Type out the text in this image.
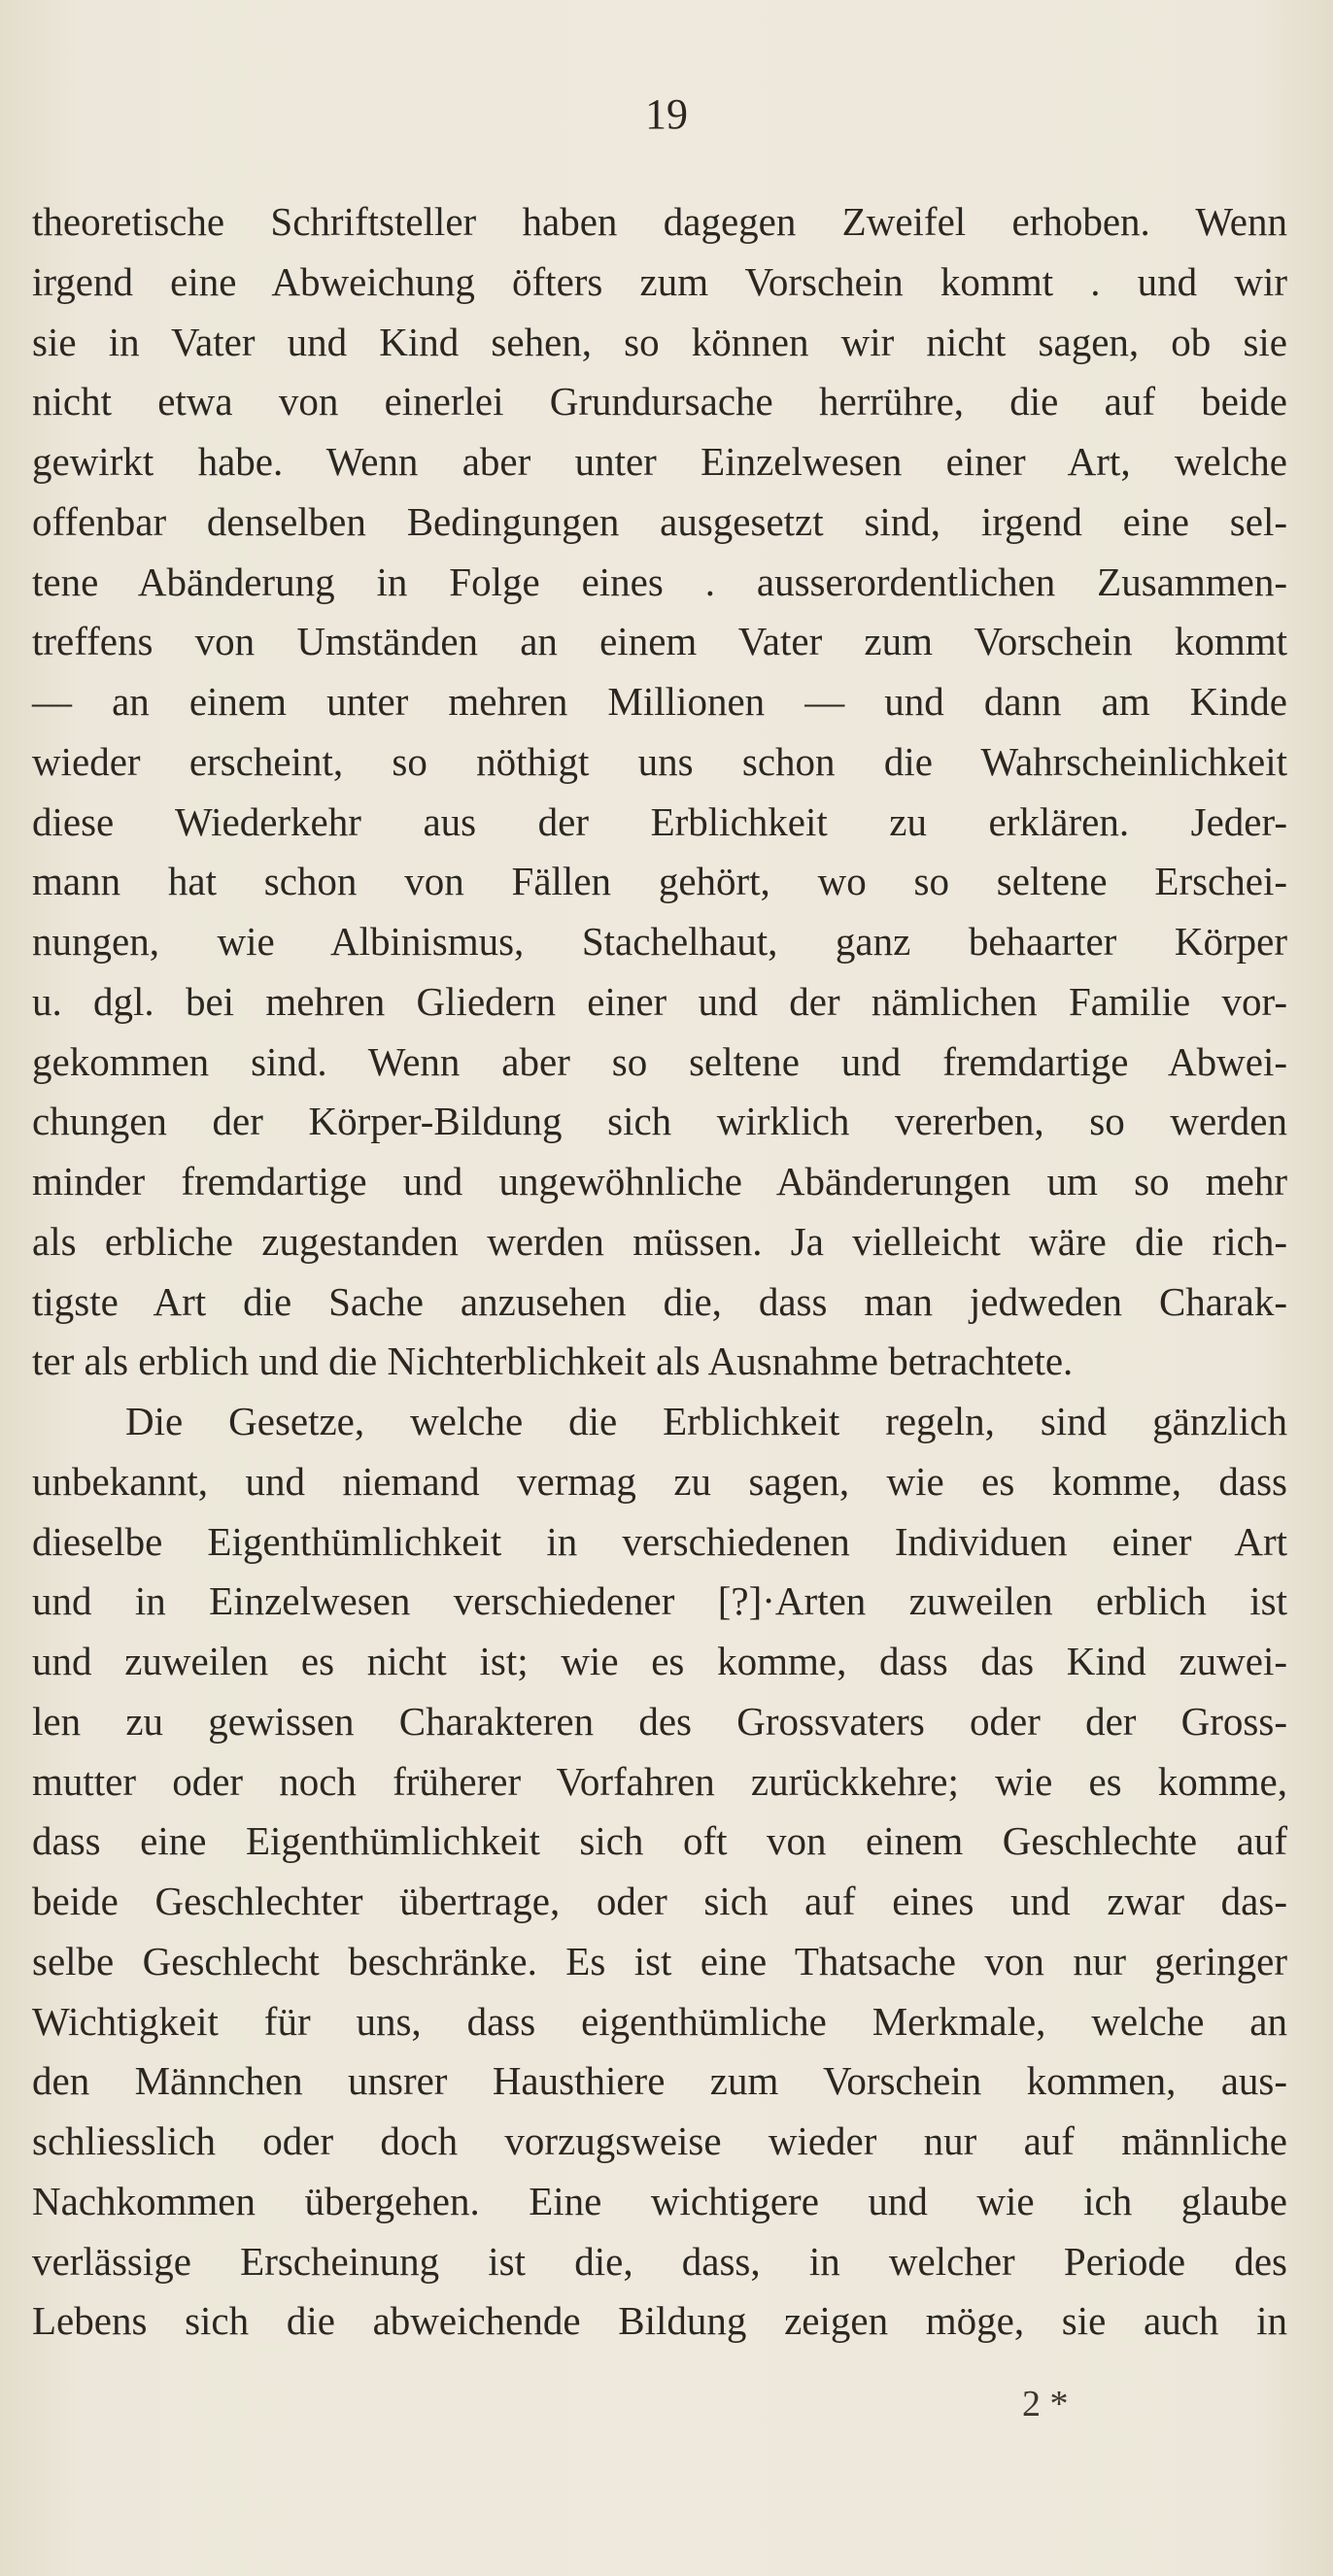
19
theoretische Schriftsteller haben dagegen Zweifel erhoben. Wenn
irgend eine Abweichung öfters zum Vorschein kommt . und wir
sie in Vater und Kind sehen, so können wir nicht sagen, ob sie
nicht etwa von einerlei Grundursache herrühre, die auf beide
gewirkt habe. Wenn aber unter Einzelwesen einer Art, welche
offenbar denselben Bedingungen ausgesetzt sind, irgend eine sel-
tene Abänderung in Folge eines . ausserordentlichen Zusammen-
treffens von Umständen an einem Vater zum Vorschein kommt
— an einem unter mehren Millionen — und dann am Kinde
wieder erscheint, so nöthigt uns schon die Wahrscheinlichkeit
diese Wiederkehr aus der Erblichkeit zu erklären. Jeder-
mann hat schon von Fällen gehört, wo so seltene Erschei-
nungen, wie Albinismus, Stachelhaut, ganz behaarter Körper
u. dgl. bei mehren Gliedern einer und der nämlichen Familie vor-
gekommen sind. Wenn aber so seltene und fremdartige Abwei-
chungen der Körper-Bildung sich wirklich vererben, so werden
minder fremdartige und ungewöhnliche Abänderungen um so mehr
als erbliche zugestanden werden müssen. Ja vielleicht wäre die rich-
tigste Art die Sache anzusehen die, dass man jedweden Charak-
ter als erblich und die Nichterblichkeit als Ausnahme betrachtete.
Die Gesetze, welche die Erblichkeit regeln, sind gänzlich
unbekannt, und niemand vermag zu sagen, wie es komme, dass
dieselbe Eigenthümlichkeit in verschiedenen Individuen einer Art
und in Einzelwesen verschiedener [?]·Arten zuweilen erblich ist
und zuweilen es nicht ist; wie es komme, dass das Kind zuwei-
len zu gewissen Charakteren des Grossvaters oder der Gross-
mutter oder noch früherer Vorfahren zurückkehre; wie es komme,
dass eine Eigenthümlichkeit sich oft von einem Geschlechte auf
beide Geschlechter übertrage, oder sich auf eines und zwar das-
selbe Geschlecht beschränke. Es ist eine Thatsache von nur geringer
Wichtigkeit für uns, dass eigenthümliche Merkmale, welche an
den Männchen unsrer Hausthiere zum Vorschein kommen, aus-
schliesslich oder doch vorzugsweise wieder nur auf männliche
Nachkommen übergehen. Eine wichtigere und wie ich glaube
verlässige Erscheinung ist die, dass, in welcher Periode des
Lebens sich die abweichende Bildung zeigen möge, sie auch in
2 *
